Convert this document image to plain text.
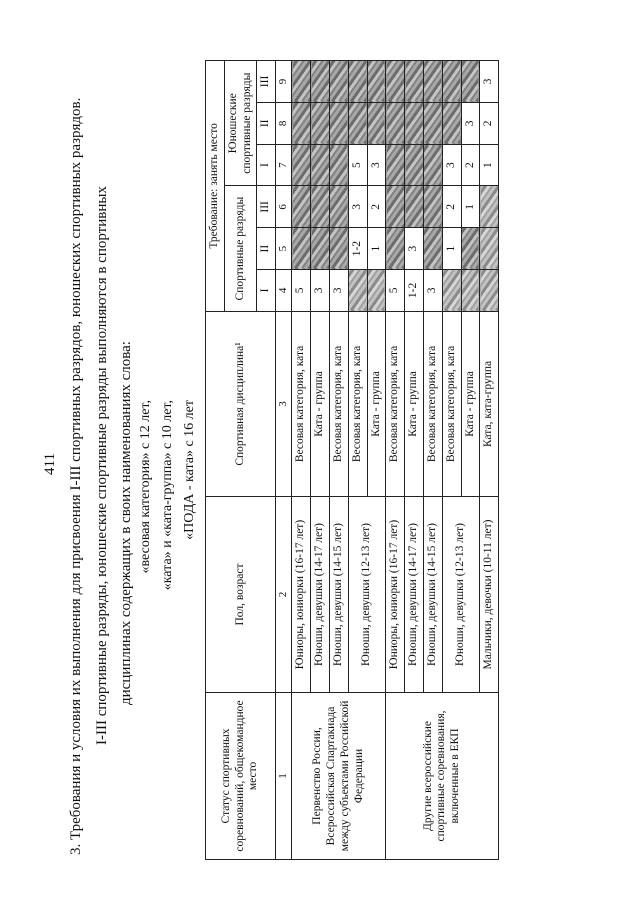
411 3. Требования и условия их выполнения для присвоения I-III спортивных разрядов, юношеских спортивных разрядов. I-III спортивные разряды, юношеские спортивные разряды выполняются в спортивных дисциплинах содержащих в своих наименованиях слова: «весовая категория» с 12 лет, «ката» и «ката-группа» с 10 лет, «ПОДА - ката» с 16 лет
Статус спортивных соревнований, общекомандное место	Пол, возраст	Спортивная дисциплина¹	Требование: занять место					
			Спортивные разряды			Юношеские спортивные разряды		
			I	II	III	I	II	III
1	2	3	4	5	6	7	8	9
Первенство России, Всероссийская Спартакиада между субъектами Российской Федерации	Юниоры, юниорки (16-17 лет)	Весовая категория, ката	5					
	Юноши, девушки (14-17 лет)	Ката - группа	3					
	Юноши, девушки (14-15 лет)	Весовая категория, ката	3					
	Юноши, девушки (12-13 лет)	Весовая категория, ката		1-2	3	5		
		Ката - группа		1	2	3		
Другие всероссийские спортивные соревнования, включенные в ЕКП	Юниоры, юниорки (16-17 лет)	Весовая категория, ката	5					
	Юноши, девушки (14-17 лет)	Ката - группа	1-2	3				
	Юноши, девушки (14-15 лет)	Весовая категория, ката	3					
	Юноши, девушки (12-13 лет)	Весовая категория, ката		1	2	3		
		Ката - группа			1	2	3	
	Мальчики, девочки (10-11 лет)	Ката, ката-группа				1	2	3
